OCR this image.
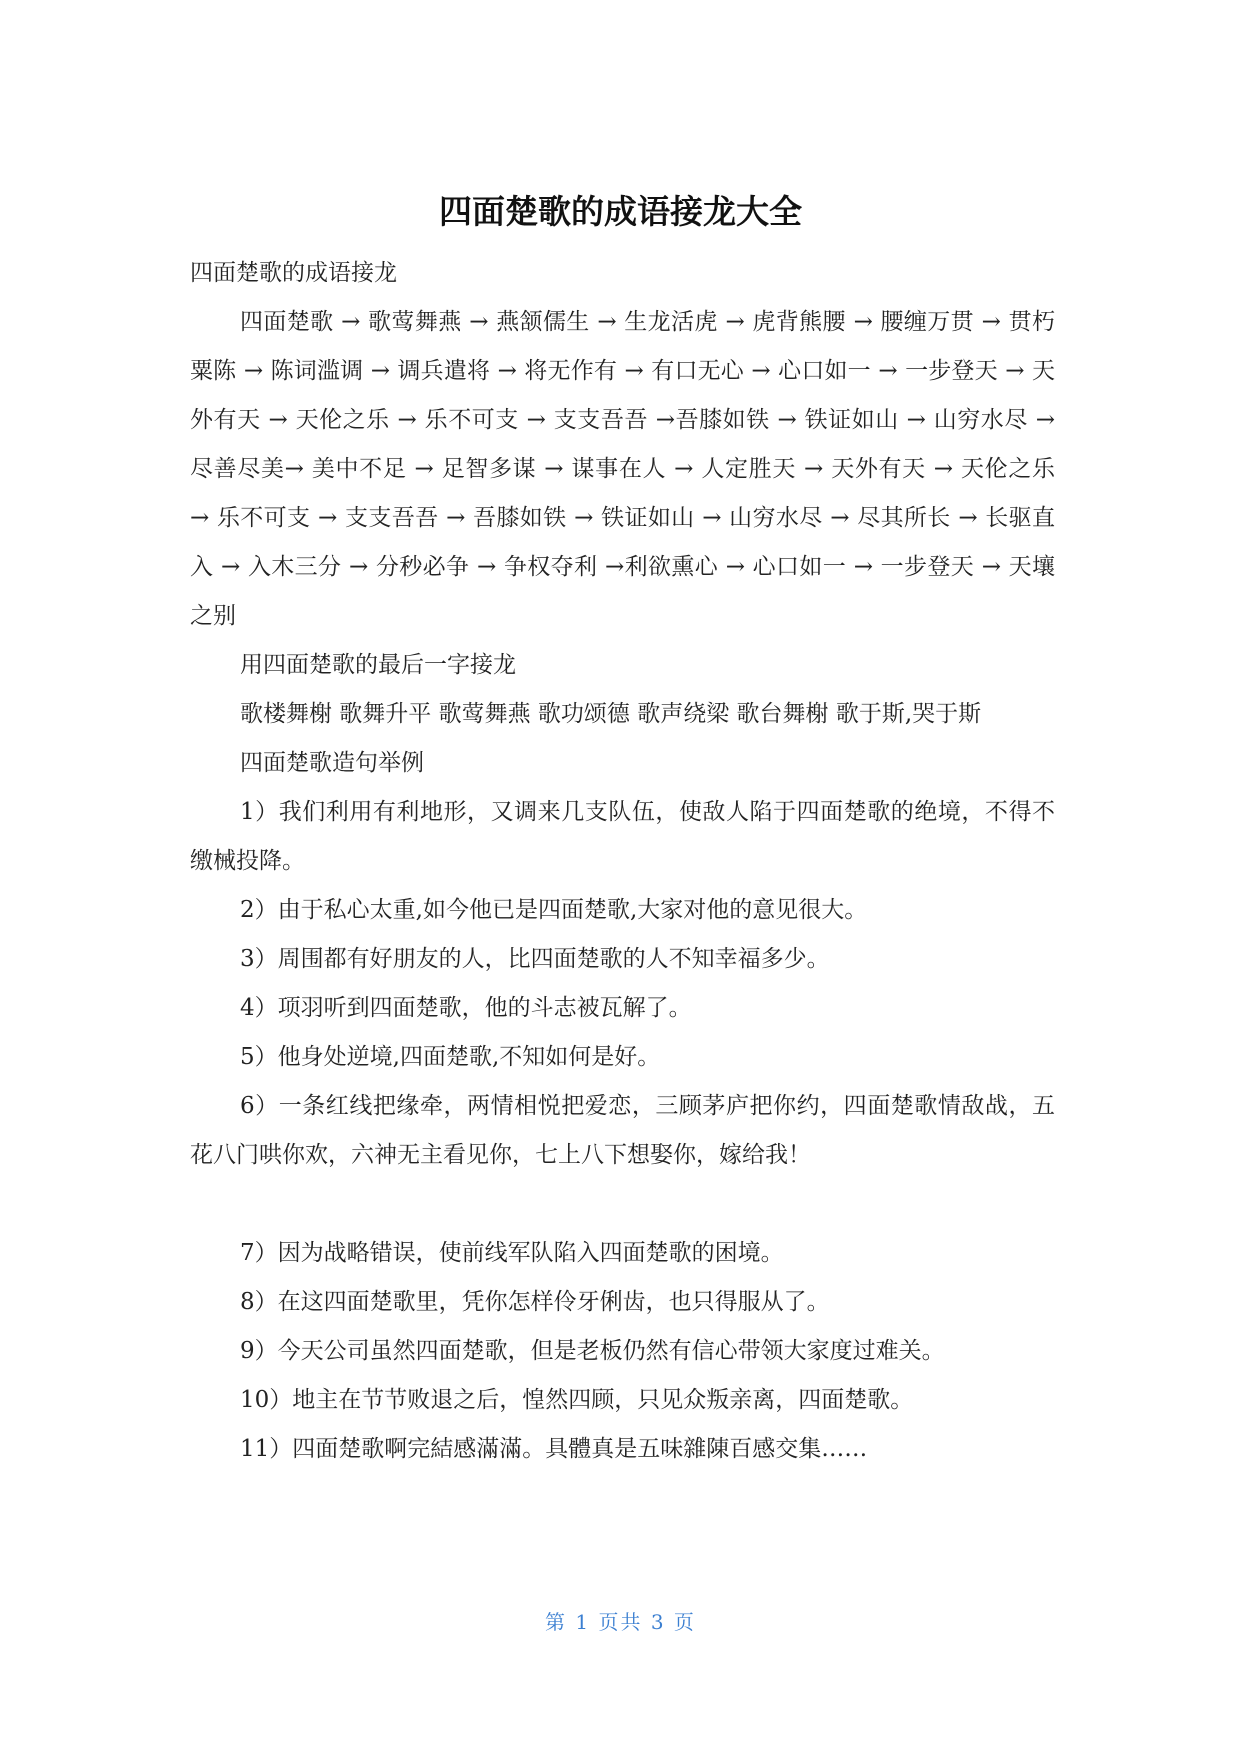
四面楚歌的成语接龙大全

四面楚歌的成语接龙

四面楚歌 → 歌莺舞燕 → 燕颔儒生 → 生龙活虎 → 虎背熊腰 → 腰缠万贯 → 贯朽粟陈 → 陈词滥调 → 调兵遣将 → 将无作有 → 有口无心 → 心口如一 → 一步登天 → 天外有天 → 天伦之乐 → 乐不可支 → 支支吾吾 →吾膝如铁 → 铁证如山 → 山穷水尽 → 尽善尽美→ 美中不足 → 足智多谋 → 谋事在人 → 人定胜天 → 天外有天 → 天伦之乐 → 乐不可支 → 支支吾吾 → 吾膝如铁 → 铁证如山 → 山穷水尽 → 尽其所长 → 长驱直入 → 入木三分 → 分秒必争 → 争权夺利 →利欲熏心 → 心口如一 → 一步登天 → 天壤之别

用四面楚歌的最后一字接龙

歌楼舞榭 歌舞升平 歌莺舞燕 歌功颂德 歌声绕梁 歌台舞榭 歌于斯,哭于斯

四面楚歌造句举例

1）我们利用有利地形，又调来几支队伍，使敌人陷于四面楚歌的绝境，不得不缴械投降。

2）由于私心太重,如今他已是四面楚歌,大家对他的意见很大。

3）周围都有好朋友的人，比四面楚歌的人不知幸福多少。

4）项羽听到四面楚歌，他的斗志被瓦解了。

5）他身处逆境,四面楚歌,不知如何是好。

6）一条红线把缘牵，两情相悦把爱恋，三顾茅庐把你约，四面楚歌情敌战，五花八门哄你欢，六神无主看见你，七上八下想娶你，嫁给我！

7）因为战略错误，使前线军队陷入四面楚歌的困境。

8）在这四面楚歌里，凭你怎样伶牙俐齿，也只得服从了。

9）今天公司虽然四面楚歌，但是老板仍然有信心带领大家度过难关。

10）地主在节节败退之后，惶然四顾，只见众叛亲离，四面楚歌。

11）四面楚歌啊完結感滿滿。具體真是五味雜陳百感交集……

第 1 页共 3 页
